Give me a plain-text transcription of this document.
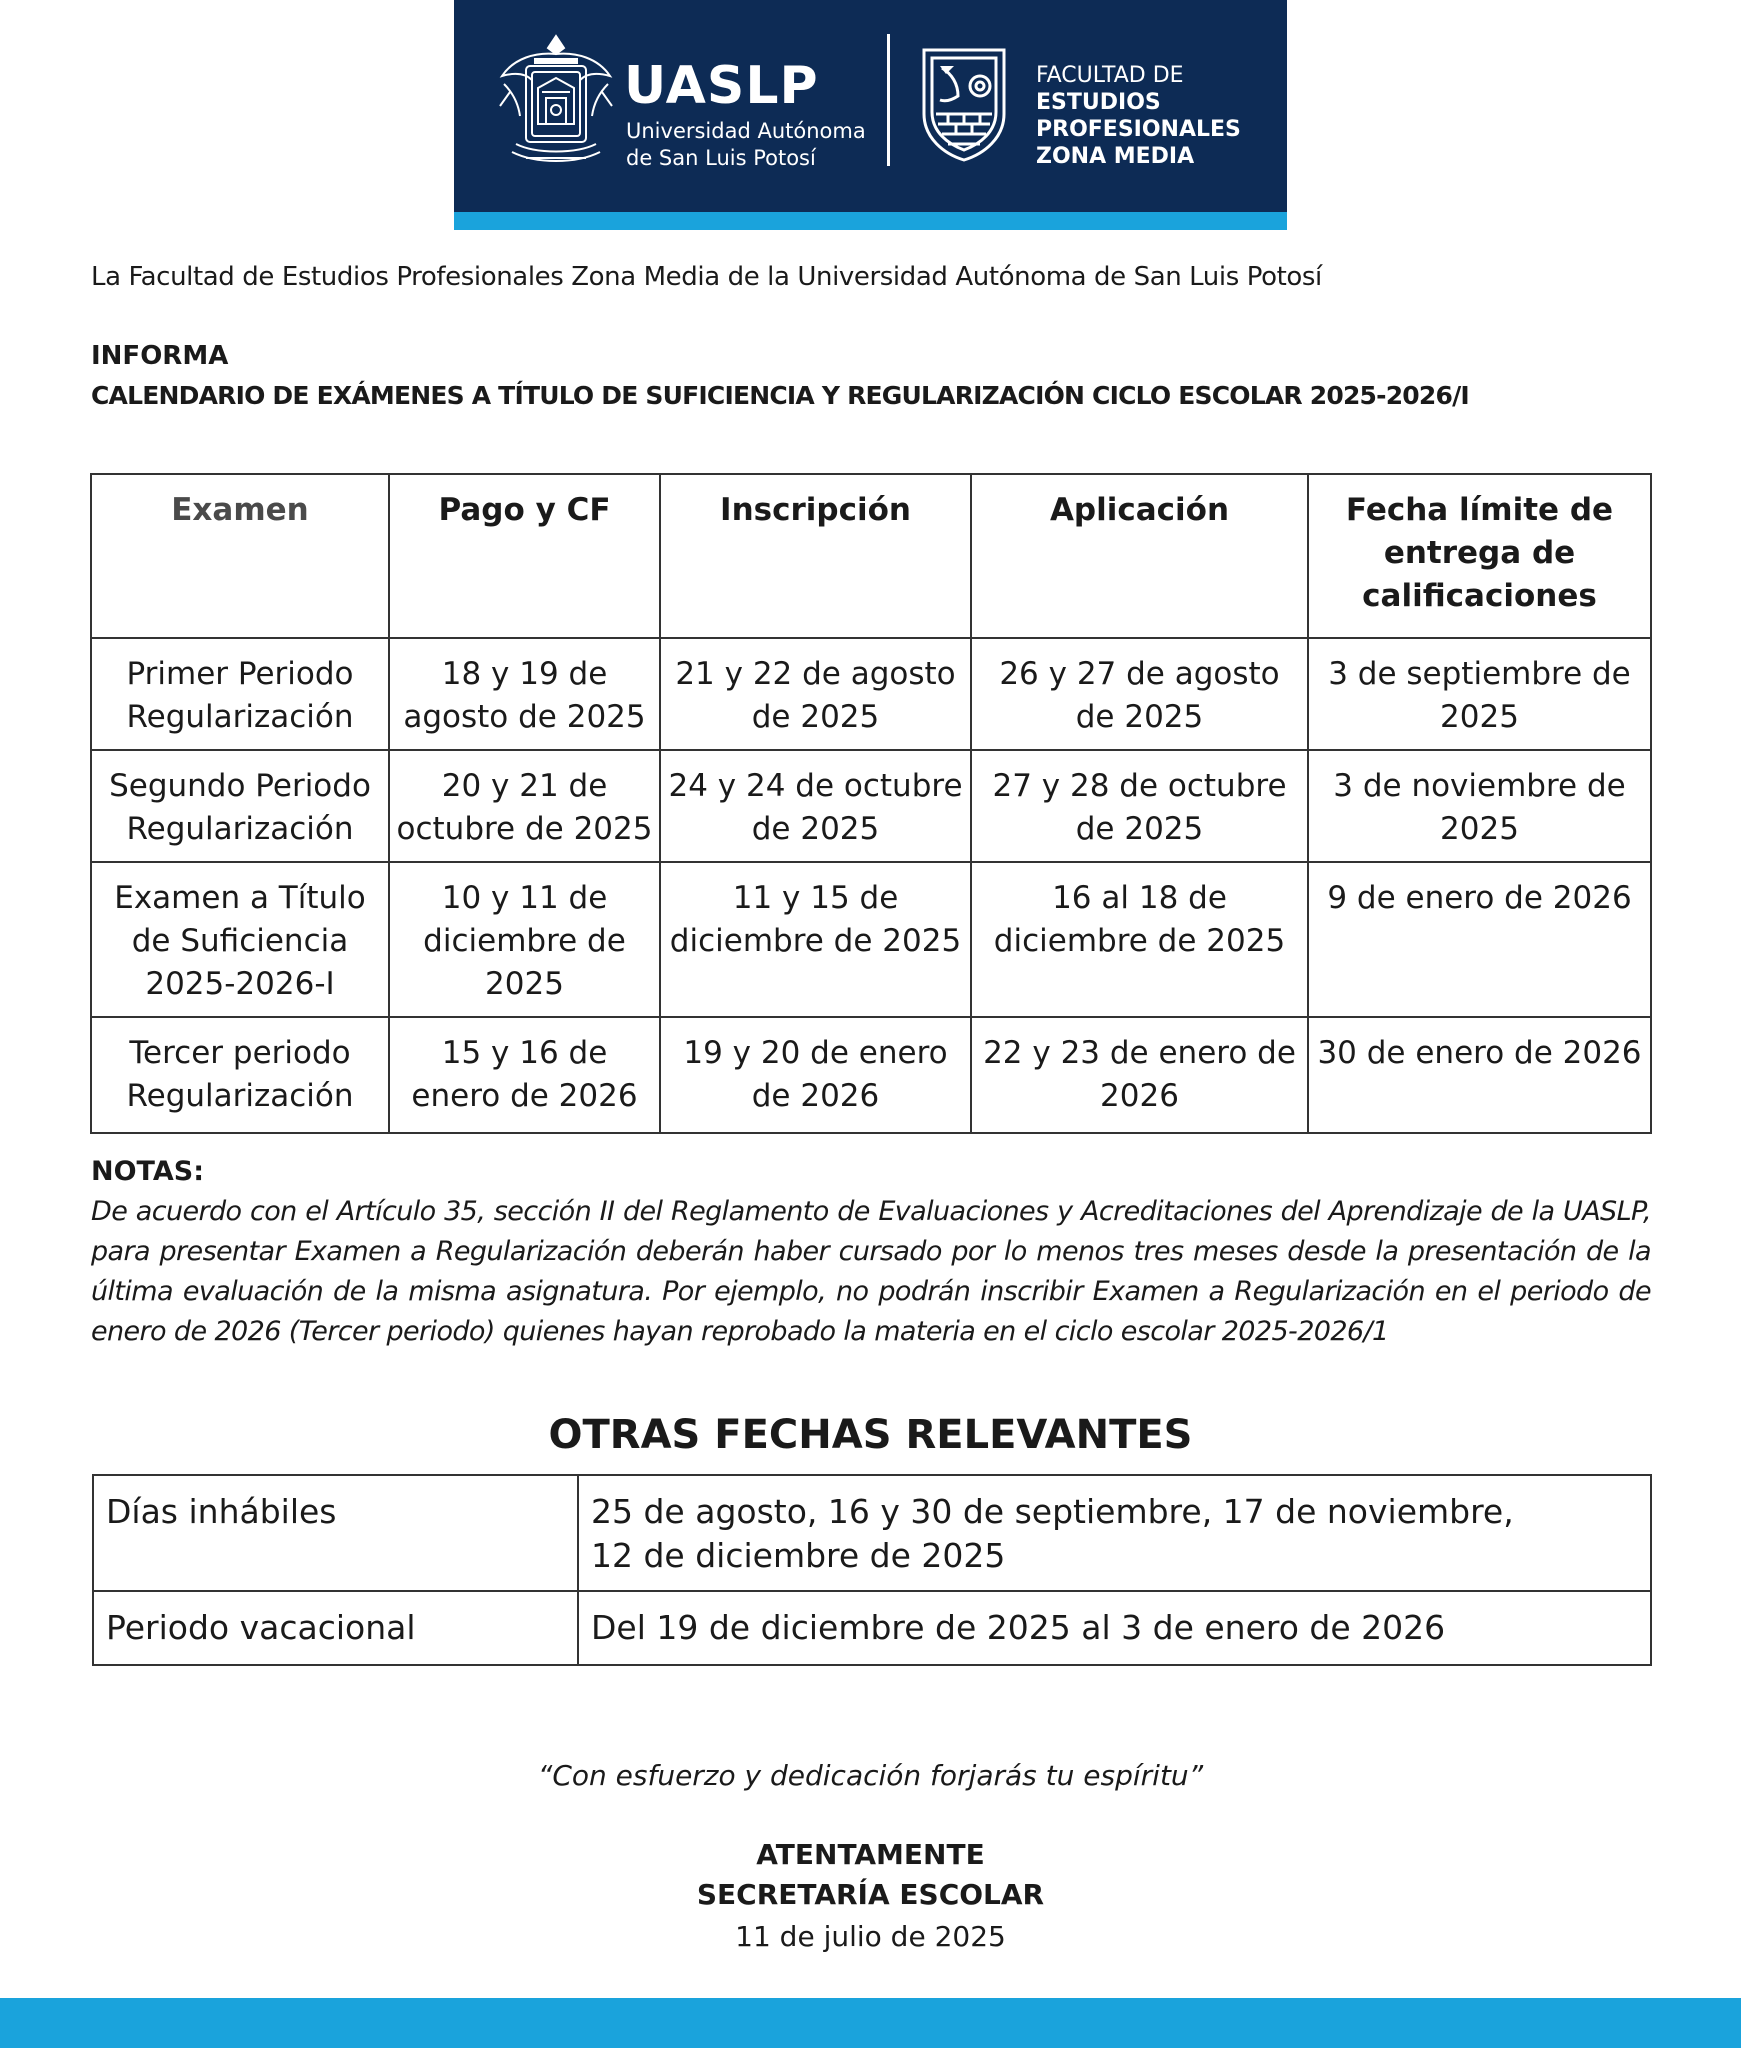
UASLP
Universidad Autónoma
de San Luis Potosí
FACULTAD DE
ESTUDIOS
PROFESIONALES
ZONA MEDIA
La Facultad de Estudios Profesionales Zona Media de la Universidad Autónoma de San Luis Potosí
INFORMA
CALENDARIO DE EXÁMENES A TÍTULO DE SUFICIENCIA Y REGULARIZACIÓN CICLO ESCOLAR 2025-2026/I
Examen	Pago y CF	Inscripción	Aplicación	Fecha límite de entrega de calificaciones
Primer Periodo Regularización	18 y 19 de agosto de 2025	21 y 22 de agosto de 2025	26 y 27 de agosto de 2025	3 de septiembre de 2025
Segundo Periodo Regularización	20 y 21 de octubre de 2025	24 y 24 de octubre de 2025	27 y 28 de octubre de 2025	3 de noviembre de 2025
Examen a Título de Suficiencia 2025-2026-I	10 y 11 de diciembre de 2025	11 y 15 de diciembre de 2025	16 al 18 de diciembre de 2025	9 de enero de 2026
Tercer periodo Regularización	15 y 16 de enero de 2026	19 y 20 de enero de 2026	22 y 23 de enero de 2026	30 de enero de 2026
NOTAS:
De acuerdo con el Artículo 35, sección II del Reglamento de Evaluaciones y Acreditaciones del Aprendizaje de la UASLP, para presentar Examen a Regularización deberán haber cursado por lo menos tres meses desde la presentación de la última evaluación de la misma asignatura. Por ejemplo, no podrán inscribir Examen a Regularización en el periodo de enero de 2026 (Tercer periodo) quienes hayan reprobado la materia en el ciclo escolar 2025-2026/1
OTRAS FECHAS RELEVANTES
Días inhábiles	25 de agosto, 16 y 30 de septiembre, 17 de noviembre,
12 de diciembre de 2025
Periodo vacacional	Del 19 de diciembre de 2025 al 3 de enero de 2026
“Con esfuerzo y dedicación forjarás tu espíritu”
ATENTAMENTE
SECRETARÍA ESCOLAR
11 de julio de 2025
